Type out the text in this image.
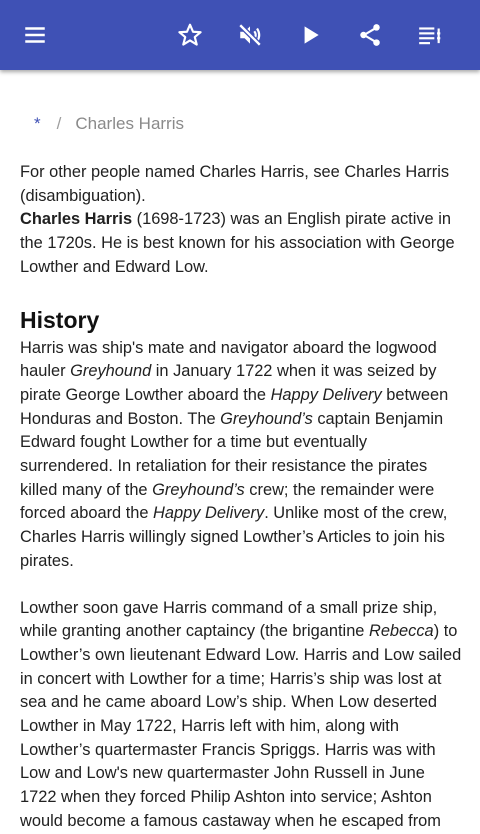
* / Charles Harris

For other people named Charles Harris, see Charles Harris (disambiguation).

Charles Harris (1698-1723) was an English pirate active in the 1720s. He is best known for his association with George Lowther and Edward Low.

History

Harris was ship's mate and navigator aboard the logwood hauler Greyhound in January 1722 when it was seized by pirate George Lowther aboard the Happy Delivery between Honduras and Boston. The Greyhound’s captain Benjamin Edward fought Lowther for a time but eventually surrendered. In retaliation for their resistance the pirates killed many of the Greyhound’s crew; the remainder were forced aboard the Happy Delivery. Unlike most of the crew, Charles Harris willingly signed Lowther’s Articles to join his pirates.

Lowther soon gave Harris command of a small prize ship, while granting another captaincy (the brigantine Rebecca) to Lowther’s own lieutenant Edward Low. Harris and Low sailed in concert with Lowther for a time; Harris’s ship was lost at sea and he came aboard Low’s ship. When Low deserted Lowther in May 1722, Harris left with him, along with Lowther’s quartermaster Francis Spriggs. Harris was with Low and Low's new quartermaster John Russell in June 1722 when they forced Philip Ashton into service; Ashton would become a famous castaway when he escaped from
